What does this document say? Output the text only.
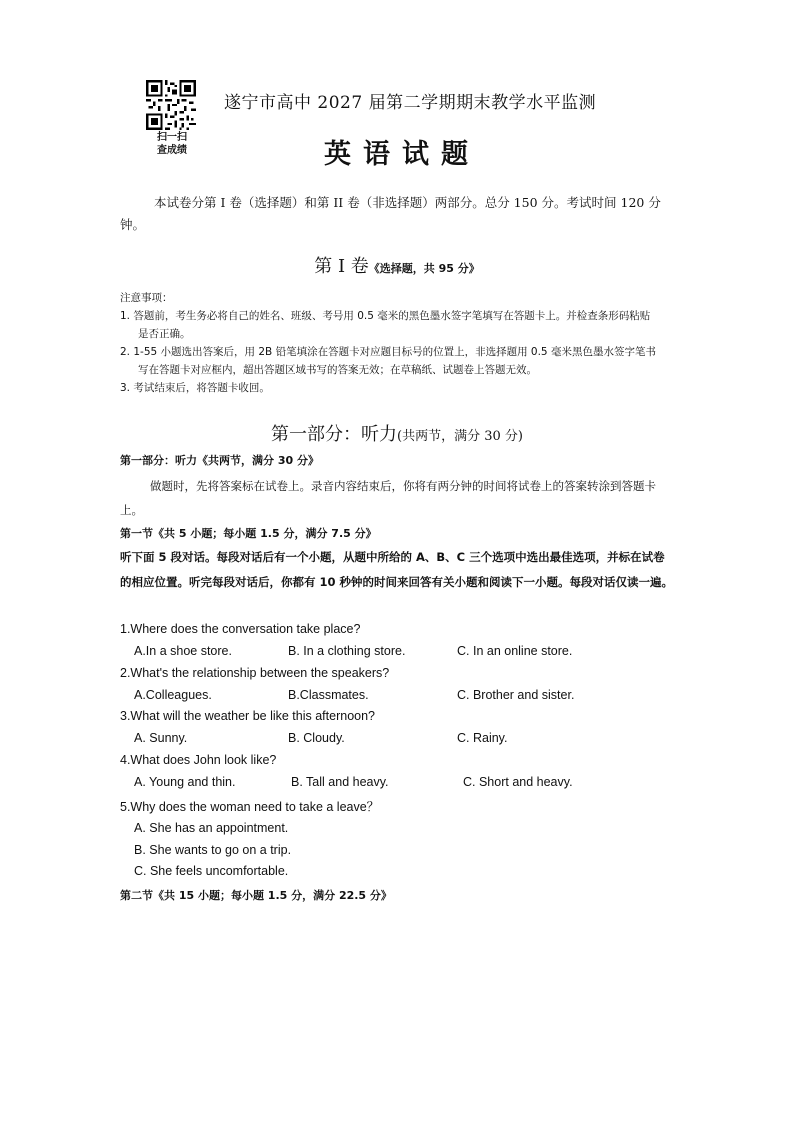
扫一扫
查成绩
遂宁市高中 2027 届第二学期期末教学水平监测
英语试题
本试卷分第 I 卷（选择题）和第 II 卷（非选择题）两部分。总分 150 分。考试时间 120 分钟。
第 Ⅰ 卷《选择题，共 95 分》
注意事项：
1. 答题前，考生务必将自己的姓名、班级、考号用 0.5 毫米的黑色墨水签字笔填写在答题卡上。并检查条形码粘贴
是否正确。
2. 1-55 小题选出答案后，用 2B 铅笔填涂在答题卡对应题目标号的位置上，非选择题用 0.5 毫米黑色墨水签字笔书
写在答题卡对应框内，超出答题区域书写的答案无效；在草稿纸、试题卷上答题无效。
3. 考试结束后，将答题卡收回。
第一部分：听力(共两节，满分 30 分)
第一部分：听力《共两节，满分 30 分》
做题时，先将答案标在试卷上。录音内容结束后，你将有两分钟的时间将试卷上的答案转涂到答题卡上。
第一节《共 5 小题；每小题 1.5 分，满分 7.5 分》
听下面 5 段对话。每段对话后有一个小题，从题中所给的 A、B、C 三个选项中选出最佳选项，并标在试卷的相应位置。听完每段对话后，你都有 10 秒钟的时间来回答有关小题和阅读下一小题。每段对话仅读一遍。
1.Where does the conversation take place?
A.In a shoe store.	B. In a clothing store.	C. In an online store.
2.What's the relationship between the speakers?
A.Colleagues.	B.Classmates.	C. Brother and sister.
3.What will the weather be like this afternoon?
A. Sunny.	B. Cloudy.	C. Rainy.
4.What does John look like?
A. Young and thin.	B. Tall and heavy.	C. Short and heavy.
5.Why does the woman need to take a leave？
A. She has an appointment.
B. She wants to go on a trip.
C. She feels uncomfortable.
第二节《共 15 小题；每小题 1.5 分，满分 22.5 分》
